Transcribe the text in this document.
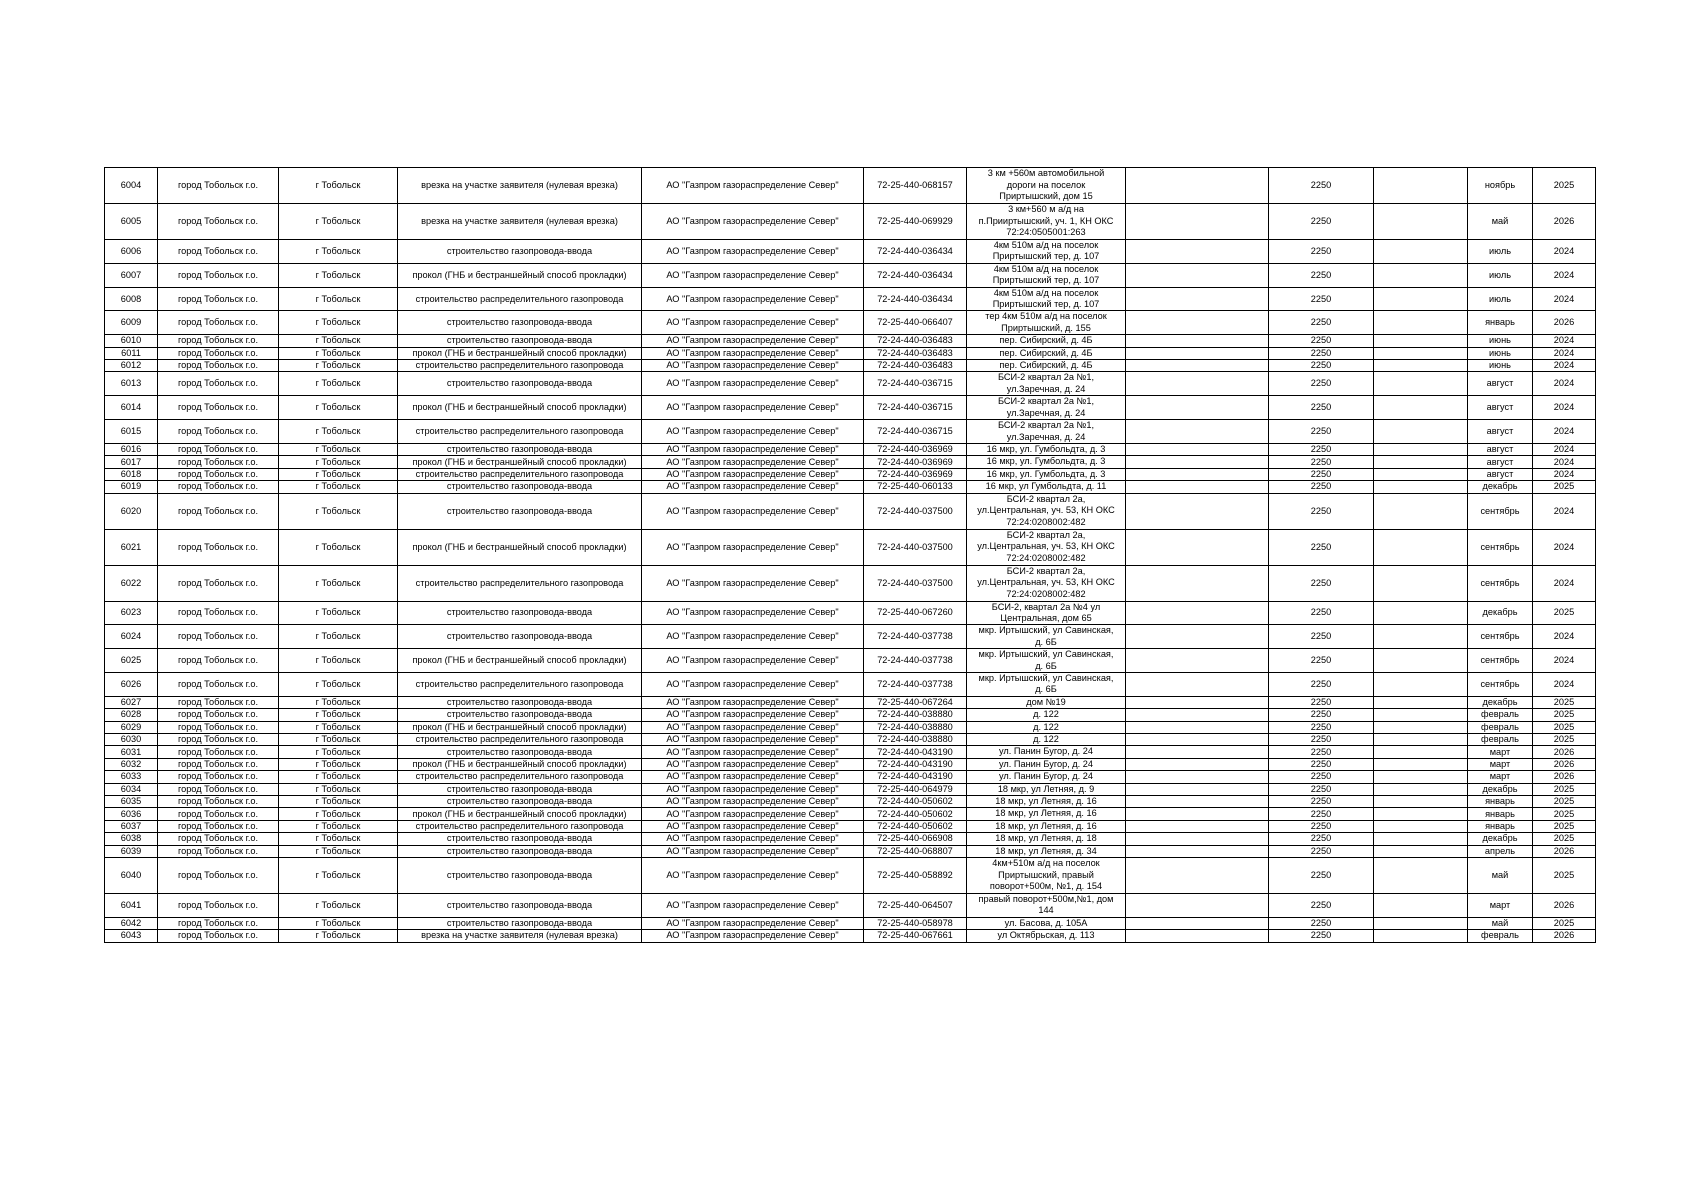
6004	город Тобольск г.о.	г Тобольск	врезка на участке заявителя (нулевая врезка)	АО "Газпром газораспределение Север"	72-25-440-068157	3 км +560м автомобильной
дороги на поселок
Приртышский, дом 15		2250		ноябрь	2025
6005	город Тобольск г.о.	г Тобольск	врезка на участке заявителя (нулевая врезка)	АО "Газпром газораспределение Север"	72-25-440-069929	3 км+560 м а/д на
п.Прииртышский, уч. 1, КН ОКС
72:24:0505001:263		2250		май	2026
6006	город Тобольск г.о.	г Тобольск	строительство газопровода-ввода	АО "Газпром газораспределение Север"	72-24-440-036434	4км 510м а/д на поселок
Приртышский тер, д. 107		2250		июль	2024
6007	город Тобольск г.о.	г Тобольск	прокол (ГНБ и бестраншейный способ прокладки)	АО "Газпром газораспределение Север"	72-24-440-036434	4км 510м а/д на поселок
Приртышский тер, д. 107		2250		июль	2024
6008	город Тобольск г.о.	г Тобольск	строительство распределительного газопровода	АО "Газпром газораспределение Север"	72-24-440-036434	4км 510м а/д на поселок
Приртышский тер, д. 107		2250		июль	2024
6009	город Тобольск г.о.	г Тобольск	строительство газопровода-ввода	АО "Газпром газораспределение Север"	72-25-440-066407	тер 4км 510м а/д на поселок
Приртышский, д. 155		2250		январь	2026
6010	город Тобольск г.о.	г Тобольск	строительство газопровода-ввода	АО "Газпром газораспределение Север"	72-24-440-036483	пер. Сибирский, д. 4Б		2250		июнь	2024
6011	город Тобольск г.о.	г Тобольск	прокол (ГНБ и бестраншейный способ прокладки)	АО "Газпром газораспределение Север"	72-24-440-036483	пер. Сибирский, д. 4Б		2250		июнь	2024
6012	город Тобольск г.о.	г Тобольск	строительство распределительного газопровода	АО "Газпром газораспределение Север"	72-24-440-036483	пер. Сибирский, д. 4Б		2250		июнь	2024
6013	город Тобольск г.о.	г Тобольск	строительство газопровода-ввода	АО "Газпром газораспределение Север"	72-24-440-036715	БСИ-2 квартал 2а №1,
ул.Заречная, д. 24		2250		август	2024
6014	город Тобольск г.о.	г Тобольск	прокол (ГНБ и бестраншейный способ прокладки)	АО "Газпром газораспределение Север"	72-24-440-036715	БСИ-2 квартал 2а №1,
ул.Заречная, д. 24		2250		август	2024
6015	город Тобольск г.о.	г Тобольск	строительство распределительного газопровода	АО "Газпром газораспределение Север"	72-24-440-036715	БСИ-2 квартал 2а №1,
ул.Заречная, д. 24		2250		август	2024
6016	город Тобольск г.о.	г Тобольск	строительство газопровода-ввода	АО "Газпром газораспределение Север"	72-24-440-036969	16 мкр, ул. Гумбольдта, д. 3		2250		август	2024
6017	город Тобольск г.о.	г Тобольск	прокол (ГНБ и бестраншейный способ прокладки)	АО "Газпром газораспределение Север"	72-24-440-036969	16 мкр, ул. Гумбольдта, д. 3		2250		август	2024
6018	город Тобольск г.о.	г Тобольск	строительство распределительного газопровода	АО "Газпром газораспределение Север"	72-24-440-036969	16 мкр, ул. Гумбольдта, д. 3		2250		август	2024
6019	город Тобольск г.о.	г Тобольск	строительство газопровода-ввода	АО "Газпром газораспределение Север"	72-25-440-060133	16 мкр, ул Гумбольдта, д. 11		2250		декабрь	2025
6020	город Тобольск г.о.	г Тобольск	строительство газопровода-ввода	АО "Газпром газораспределение Север"	72-24-440-037500	БСИ-2 квартал 2а,
ул.Центральная, уч. 53, КН ОКС
72:24:0208002:482		2250		сентябрь	2024
6021	город Тобольск г.о.	г Тобольск	прокол (ГНБ и бестраншейный способ прокладки)	АО "Газпром газораспределение Север"	72-24-440-037500	БСИ-2 квартал 2а,
ул.Центральная, уч. 53, КН ОКС
72:24:0208002:482		2250		сентябрь	2024
6022	город Тобольск г.о.	г Тобольск	строительство распределительного газопровода	АО "Газпром газораспределение Север"	72-24-440-037500	БСИ-2 квартал 2а,
ул.Центральная, уч. 53, КН ОКС
72:24:0208002:482		2250		сентябрь	2024
6023	город Тобольск г.о.	г Тобольск	строительство газопровода-ввода	АО "Газпром газораспределение Север"	72-25-440-067260	БСИ-2, квартал 2а №4 ул
Центральная, дом 65		2250		декабрь	2025
6024	город Тобольск г.о.	г Тобольск	строительство газопровода-ввода	АО "Газпром газораспределение Север"	72-24-440-037738	мкр. Иртышский, ул Савинская,
д. 6Б		2250		сентябрь	2024
6025	город Тобольск г.о.	г Тобольск	прокол (ГНБ и бестраншейный способ прокладки)	АО "Газпром газораспределение Север"	72-24-440-037738	мкр. Иртышский, ул Савинская,
д. 6Б		2250		сентябрь	2024
6026	город Тобольск г.о.	г Тобольск	строительство распределительного газопровода	АО "Газпром газораспределение Север"	72-24-440-037738	мкр. Иртышский, ул Савинская,
д. 6Б		2250		сентябрь	2024
6027	город Тобольск г.о.	г Тобольск	строительство газопровода-ввода	АО "Газпром газораспределение Север"	72-25-440-067264	дом №19		2250		декабрь	2025
6028	город Тобольск г.о.	г Тобольск	строительство газопровода-ввода	АО "Газпром газораспределение Север"	72-24-440-038880	д. 122		2250		февраль	2025
6029	город Тобольск г.о.	г Тобольск	прокол (ГНБ и бестраншейный способ прокладки)	АО "Газпром газораспределение Север"	72-24-440-038880	д. 122		2250		февраль	2025
6030	город Тобольск г.о.	г Тобольск	строительство распределительного газопровода	АО "Газпром газораспределение Север"	72-24-440-038880	д. 122		2250		февраль	2025
6031	город Тобольск г.о.	г Тобольск	строительство газопровода-ввода	АО "Газпром газораспределение Север"	72-24-440-043190	ул. Панин Бугор, д. 24		2250		март	2026
6032	город Тобольск г.о.	г Тобольск	прокол (ГНБ и бестраншейный способ прокладки)	АО "Газпром газораспределение Север"	72-24-440-043190	ул. Панин Бугор, д. 24		2250		март	2026
6033	город Тобольск г.о.	г Тобольск	строительство распределительного газопровода	АО "Газпром газораспределение Север"	72-24-440-043190	ул. Панин Бугор, д. 24		2250		март	2026
6034	город Тобольск г.о.	г Тобольск	строительство газопровода-ввода	АО "Газпром газораспределение Север"	72-25-440-064979	18 мкр, ул Летняя, д. 9		2250		декабрь	2025
6035	город Тобольск г.о.	г Тобольск	строительство газопровода-ввода	АО "Газпром газораспределение Север"	72-24-440-050602	18 мкр, ул Летняя, д. 16		2250		январь	2025
6036	город Тобольск г.о.	г Тобольск	прокол (ГНБ и бестраншейный способ прокладки)	АО "Газпром газораспределение Север"	72-24-440-050602	18 мкр, ул Летняя, д. 16		2250		январь	2025
6037	город Тобольск г.о.	г Тобольск	строительство распределительного газопровода	АО "Газпром газораспределение Север"	72-24-440-050602	18 мкр, ул Летняя, д. 16		2250		январь	2025
6038	город Тобольск г.о.	г Тобольск	строительство газопровода-ввода	АО "Газпром газораспределение Север"	72-25-440-066908	18 мкр, ул Летняя, д. 18		2250		декабрь	2025
6039	город Тобольск г.о.	г Тобольск	строительство газопровода-ввода	АО "Газпром газораспределение Север"	72-25-440-068807	18 мкр, ул Летняя, д. 34		2250		апрель	2026
6040	город Тобольск г.о.	г Тобольск	строительство газопровода-ввода	АО "Газпром газораспределение Север"	72-25-440-058892	4км+510м а/д на поселок
Приртышский, правый
поворот+500м, №1, д. 154		2250		май	2025
6041	город Тобольск г.о.	г Тобольск	строительство газопровода-ввода	АО "Газпром газораспределение Север"	72-25-440-064507	правый поворот+500м,№1, дом
144		2250		март	2026
6042	город Тобольск г.о.	г Тобольск	строительство газопровода-ввода	АО "Газпром газораспределение Север"	72-25-440-058978	ул. Басова, д. 105А		2250		май	2025
6043	город Тобольск г.о.	г Тобольск	врезка на участке заявителя (нулевая врезка)	АО "Газпром газораспределение Север"	72-25-440-067661	ул Октябрьская, д. 113		2250		февраль	2026
